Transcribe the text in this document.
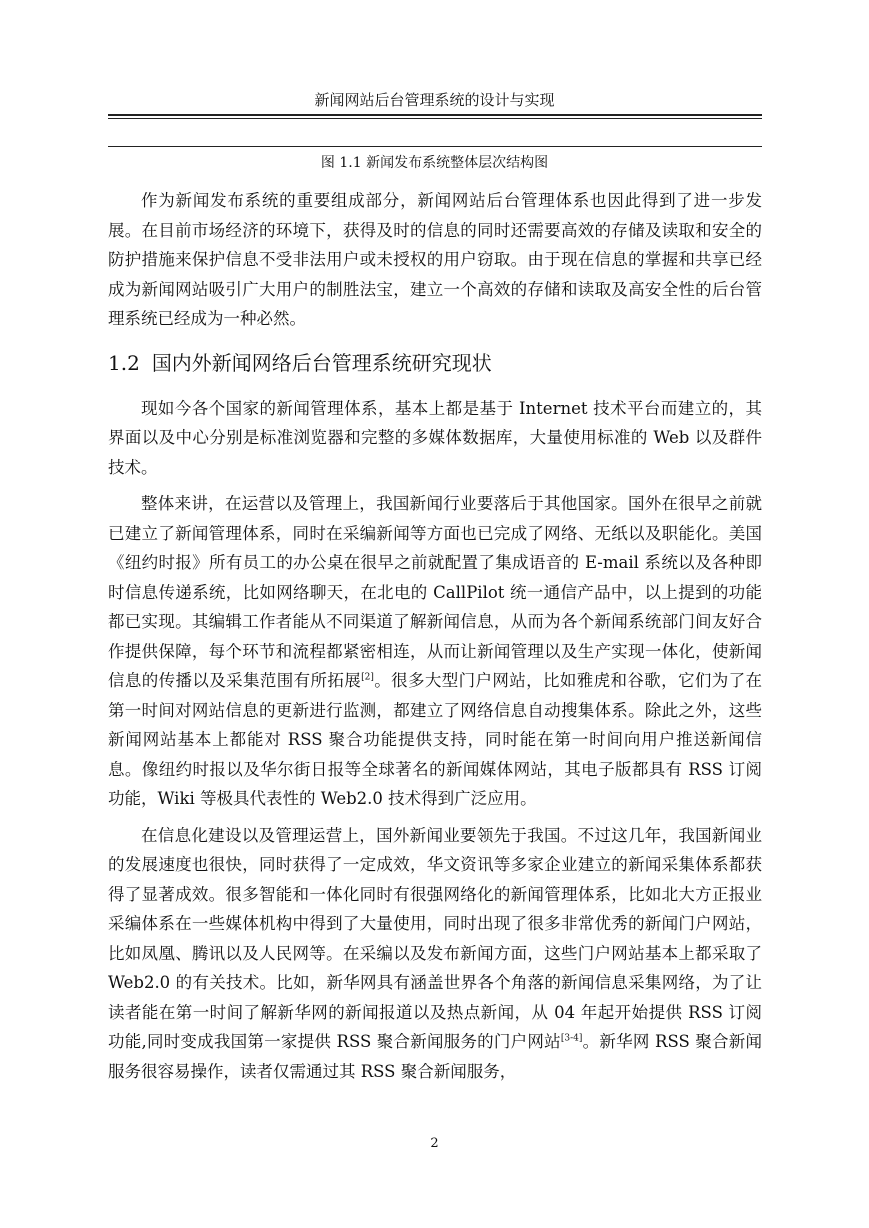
新闻网站后台管理系统的设计与实现
图 1.1 新闻发布系统整体层次结构图

作为新闻发布系统的重要组成部分，新闻网站后台管理体系也因此得到了进一步发展。在目前市场经济的环境下，获得及时的信息的同时还需要高效的存储及读取和安全的防护措施来保护信息不受非法用户或未授权的用户窃取。由于现在信息的掌握和共享已经成为新闻网站吸引广大用户的制胜法宝，建立一个高效的存储和读取及高安全性的后台管理系统已经成为一种必然。

1.2 国内外新闻网络后台管理系统研究现状

现如今各个国家的新闻管理体系，基本上都是基于 Internet 技术平台而建立的，其界面以及中心分别是标准浏览器和完整的多媒体数据库，大量使用标准的 Web 以及群件技术。

整体来讲，在运营以及管理上，我国新闻行业要落后于其他国家。国外在很早之前就已建立了新闻管理体系，同时在采编新闻等方面也已完成了网络、无纸以及职能化。美国《纽约时报》所有员工的办公桌在很早之前就配置了集成语音的 E-mail 系统以及各种即时信息传递系统，比如网络聊天，在北电的 CallPilot 统一通信产品中，以上提到的功能都已实现。其编辑工作者能从不同渠道了解新闻信息，从而为各个新闻系统部门间友好合作提供保障，每个环节和流程都紧密相连，从而让新闻管理以及生产实现一体化，使新闻信息的传播以及采集范围有所拓展[2]。很多大型门户网站，比如雅虎和谷歌，它们为了在第一时间对网站信息的更新进行监测，都建立了网络信息自动搜集体系。除此之外，这些新闻网站基本上都能对 RSS 聚合功能提供支持，同时能在第一时间向用户推送新闻信息。像纽约时报以及华尔街日报等全球著名的新闻媒体网站，其电子版都具有 RSS 订阅功能，Wiki 等极具代表性的 Web2.0 技术得到广泛应用。

在信息化建设以及管理运营上，国外新闻业要领先于我国。不过这几年，我国新闻业的发展速度也很快，同时获得了一定成效，华文资讯等多家企业建立的新闻采集体系都获得了显著成效。很多智能和一体化同时有很强网络化的新闻管理体系，比如北大方正报业采编体系在一些媒体机构中得到了大量使用，同时出现了很多非常优秀的新闻门户网站，比如凤凰、腾讯以及人民网等。在采编以及发布新闻方面，这些门户网站基本上都采取了 Web2.0 的有关技术。比如，新华网具有涵盖世界各个角落的新闻信息采集网络，为了让读者能在第一时间了解新华网的新闻报道以及热点新闻，从 04 年起开始提供 RSS 订阅功能,同时变成我国第一家提供 RSS 聚合新闻服务的门户网站[3-4]。新华网 RSS 聚合新闻服务很容易操作，读者仅需通过其 RSS 聚合新闻服务，

2
